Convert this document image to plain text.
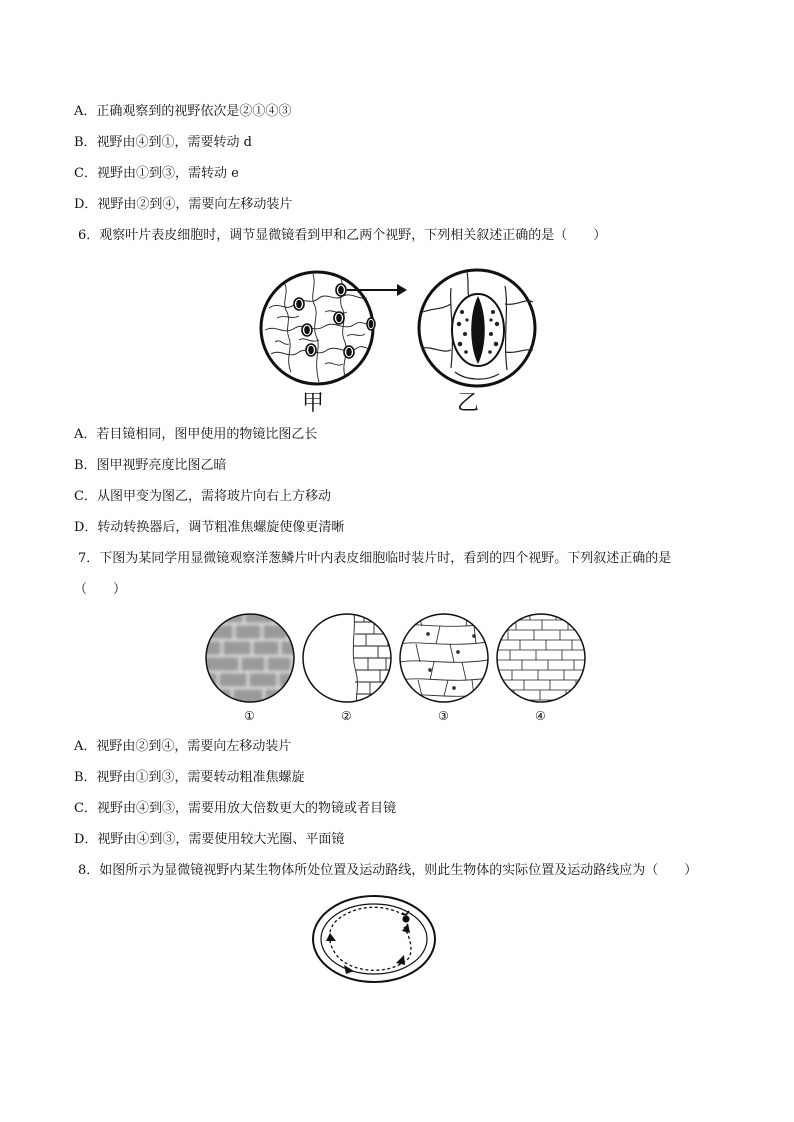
A．正确观察到的视野依次是②①④③
B．视野由④到①，需要转动 d
C．视野由①到③，需转动 e
D．视野由②到④，需要向左移动装片
6．观察叶片表皮细胞时，调节显微镜看到甲和乙两个视野，下列相关叙述正确的是（　　）
甲	乙
A．若目镜相同，图甲使用的物镜比图乙长
B．图甲视野亮度比图乙暗
C．从图甲变为图乙，需将玻片向右上方移动
D．转动转换器后，调节粗准焦螺旋使像更清晰
7．下图为某同学用显微镜观察洋葱鳞片叶内表皮细胞临时装片时，看到的四个视野。下列叙述正确的是
（　　）
①	②	③	④
A．视野由②到④，需要向左移动装片
B．视野由①到③，需要转动粗准焦螺旋
C．视野由④到③，需要用放大倍数更大的物镜或者目镜
D．视野由④到③，需要使用较大光圈、平面镜
8．如图所示为显微镜视野内某生物体所处位置及运动路线，则此生物体的实际位置及运动路线应为（　　）
